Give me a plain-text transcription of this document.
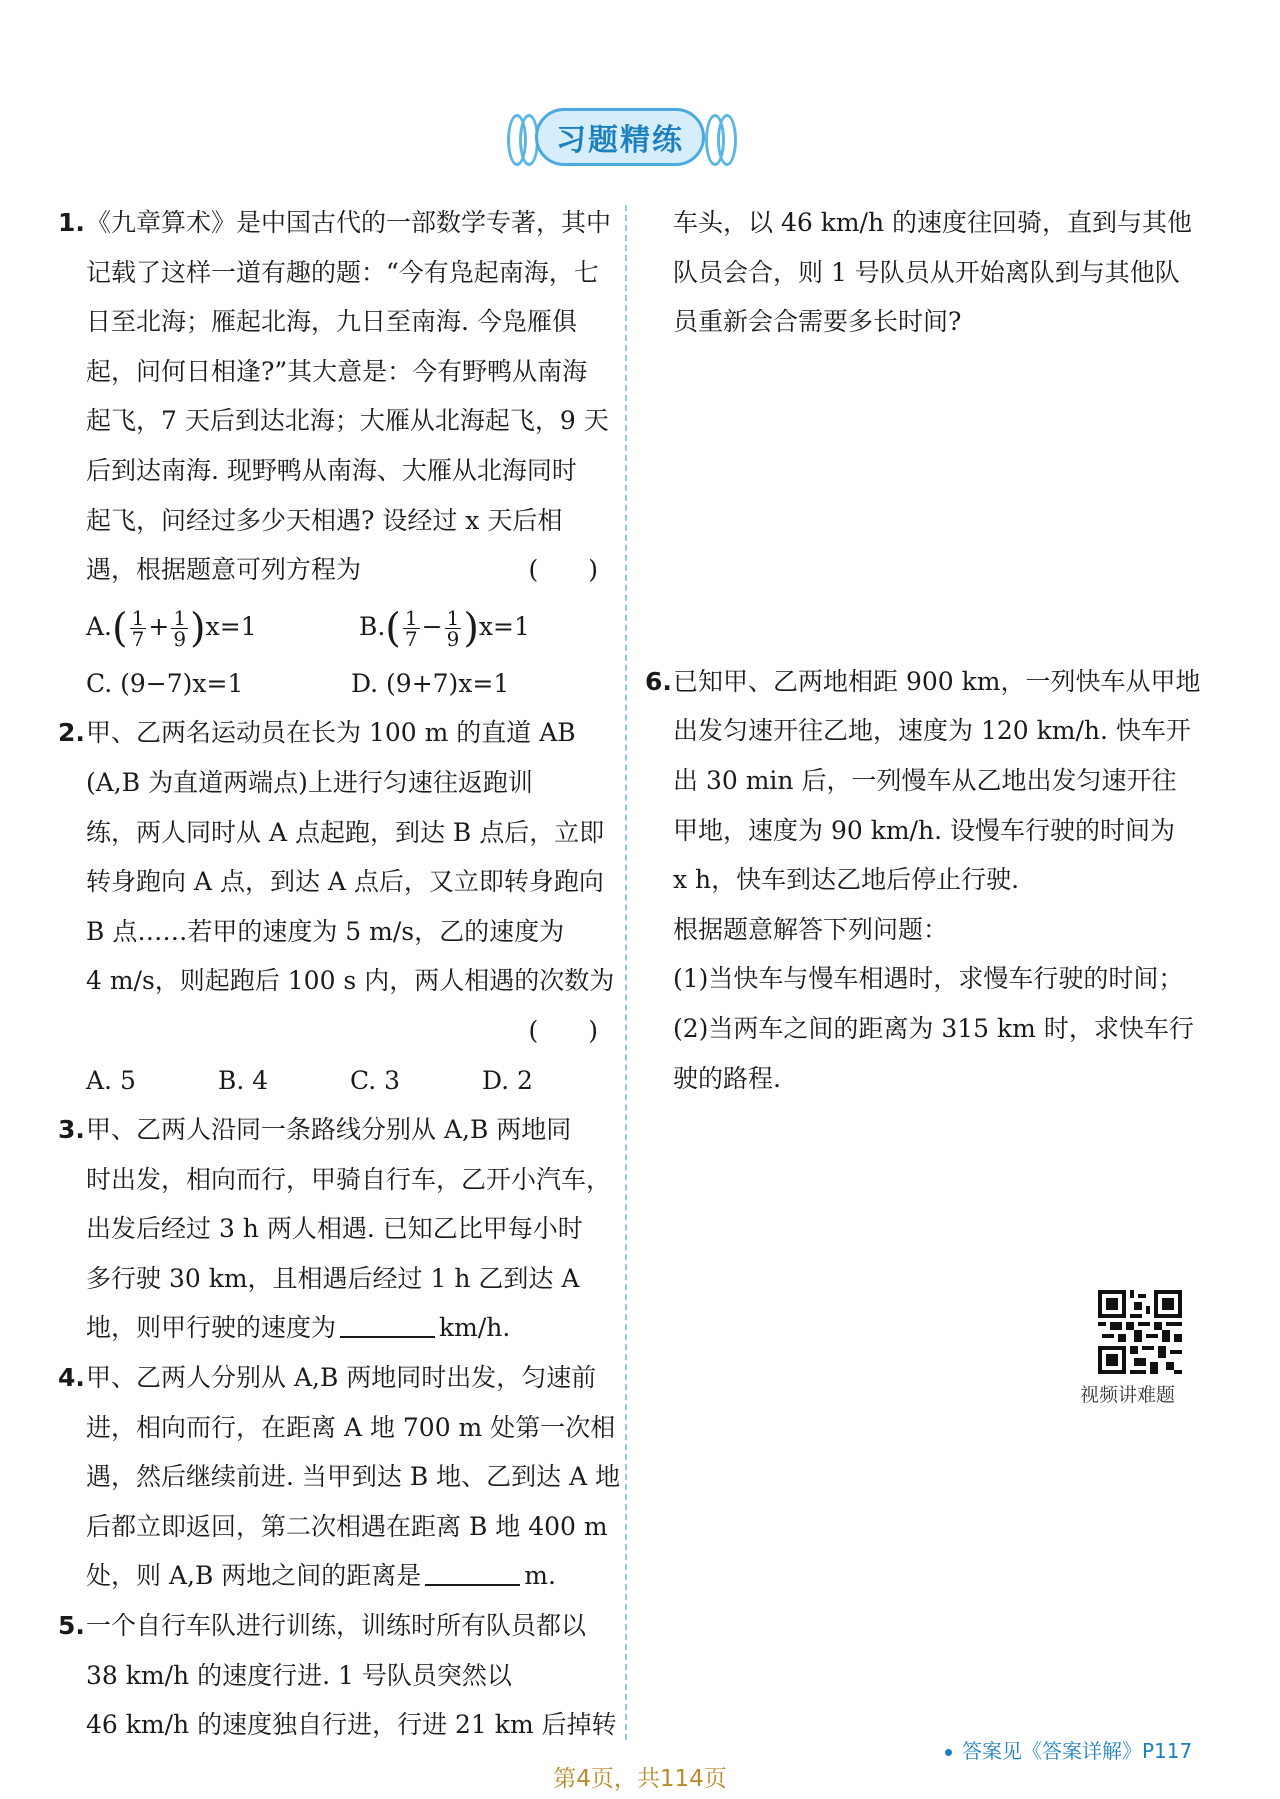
习题精练
1.《九章算术》是中国古代的一部数学专著，其中
记载了这样一道有趣的题：“今有凫起南海，七
日至北海；雁起北海，九日至南海. 今凫雁俱
起，问何日相逢?”其大意是：今有野鸭从南海
起飞，7 天后到达北海；大雁从北海起飞，9 天
后到达南海. 现野鸭从南海、大雁从北海同时
起飞，问经过多少天相遇? 设经过 x 天后相
遇，根据题意可列方程为	(　　)
$A.( \frac{1}{7} + \frac{1}{9} )x=1$	$B.( \frac{1}{7} - \frac{1}{9} )x=1$
C. (9−7)x=1	D. (9+7)x=1
2.甲、乙两名运动员在长为 100 m 的直道 AB
(A,B 为直道两端点)上进行匀速往返跑训
练，两人同时从 A 点起跑，到达 B 点后，立即
转身跑向 A 点，到达 A 点后，又立即转身跑向
B 点……若甲的速度为 5 m/s，乙的速度为
4 m/s，则起跑后 100 s 内，两人相遇的次数为
(　　)
A. 5	B. 4	C. 3	D. 2
3.甲、乙两人沿同一条路线分别从 A,B 两地同
时出发，相向而行，甲骑自行车，乙开小汽车，
出发后经过 3 h 两人相遇. 已知乙比甲每小时
多行驶 30 km，且相遇后经过 1 h 乙到达 A
地，则甲行驶的速度为	km/h.
4.甲、乙两人分别从 A,B 两地同时出发，匀速前
进，相向而行，在距离 A 地 700 m 处第一次相
遇，然后继续前进. 当甲到达 B 地、乙到达 A 地
后都立即返回，第二次相遇在距离 B 地 400 m
处，则 A,B 两地之间的距离是	m.
5.一个自行车队进行训练，训练时所有队员都以
38 km/h 的速度行进. 1 号队员突然以
46 km/h 的速度独自行进，行进 21 km 后掉转
车头，以 46 km/h 的速度往回骑，直到与其他
队员会合，则 1 号队员从开始离队到与其他队
员重新会合需要多长时间?
6.已知甲、乙两地相距 900 km，一列快车从甲地
出发匀速开往乙地，速度为 120 km/h. 快车开
出 30 min 后，一列慢车从乙地出发匀速开往
甲地，速度为 90 km/h. 设慢车行驶的时间为
x h，快车到达乙地后停止行驶.
根据题意解答下列问题：
(1)当快车与慢车相遇时，求慢车行驶的时间；
(2)当两车之间的距离为 315 km 时，求快车行
驶的路程.
视频讲难题
答案见《答案详解》P117
第4页，共114页
